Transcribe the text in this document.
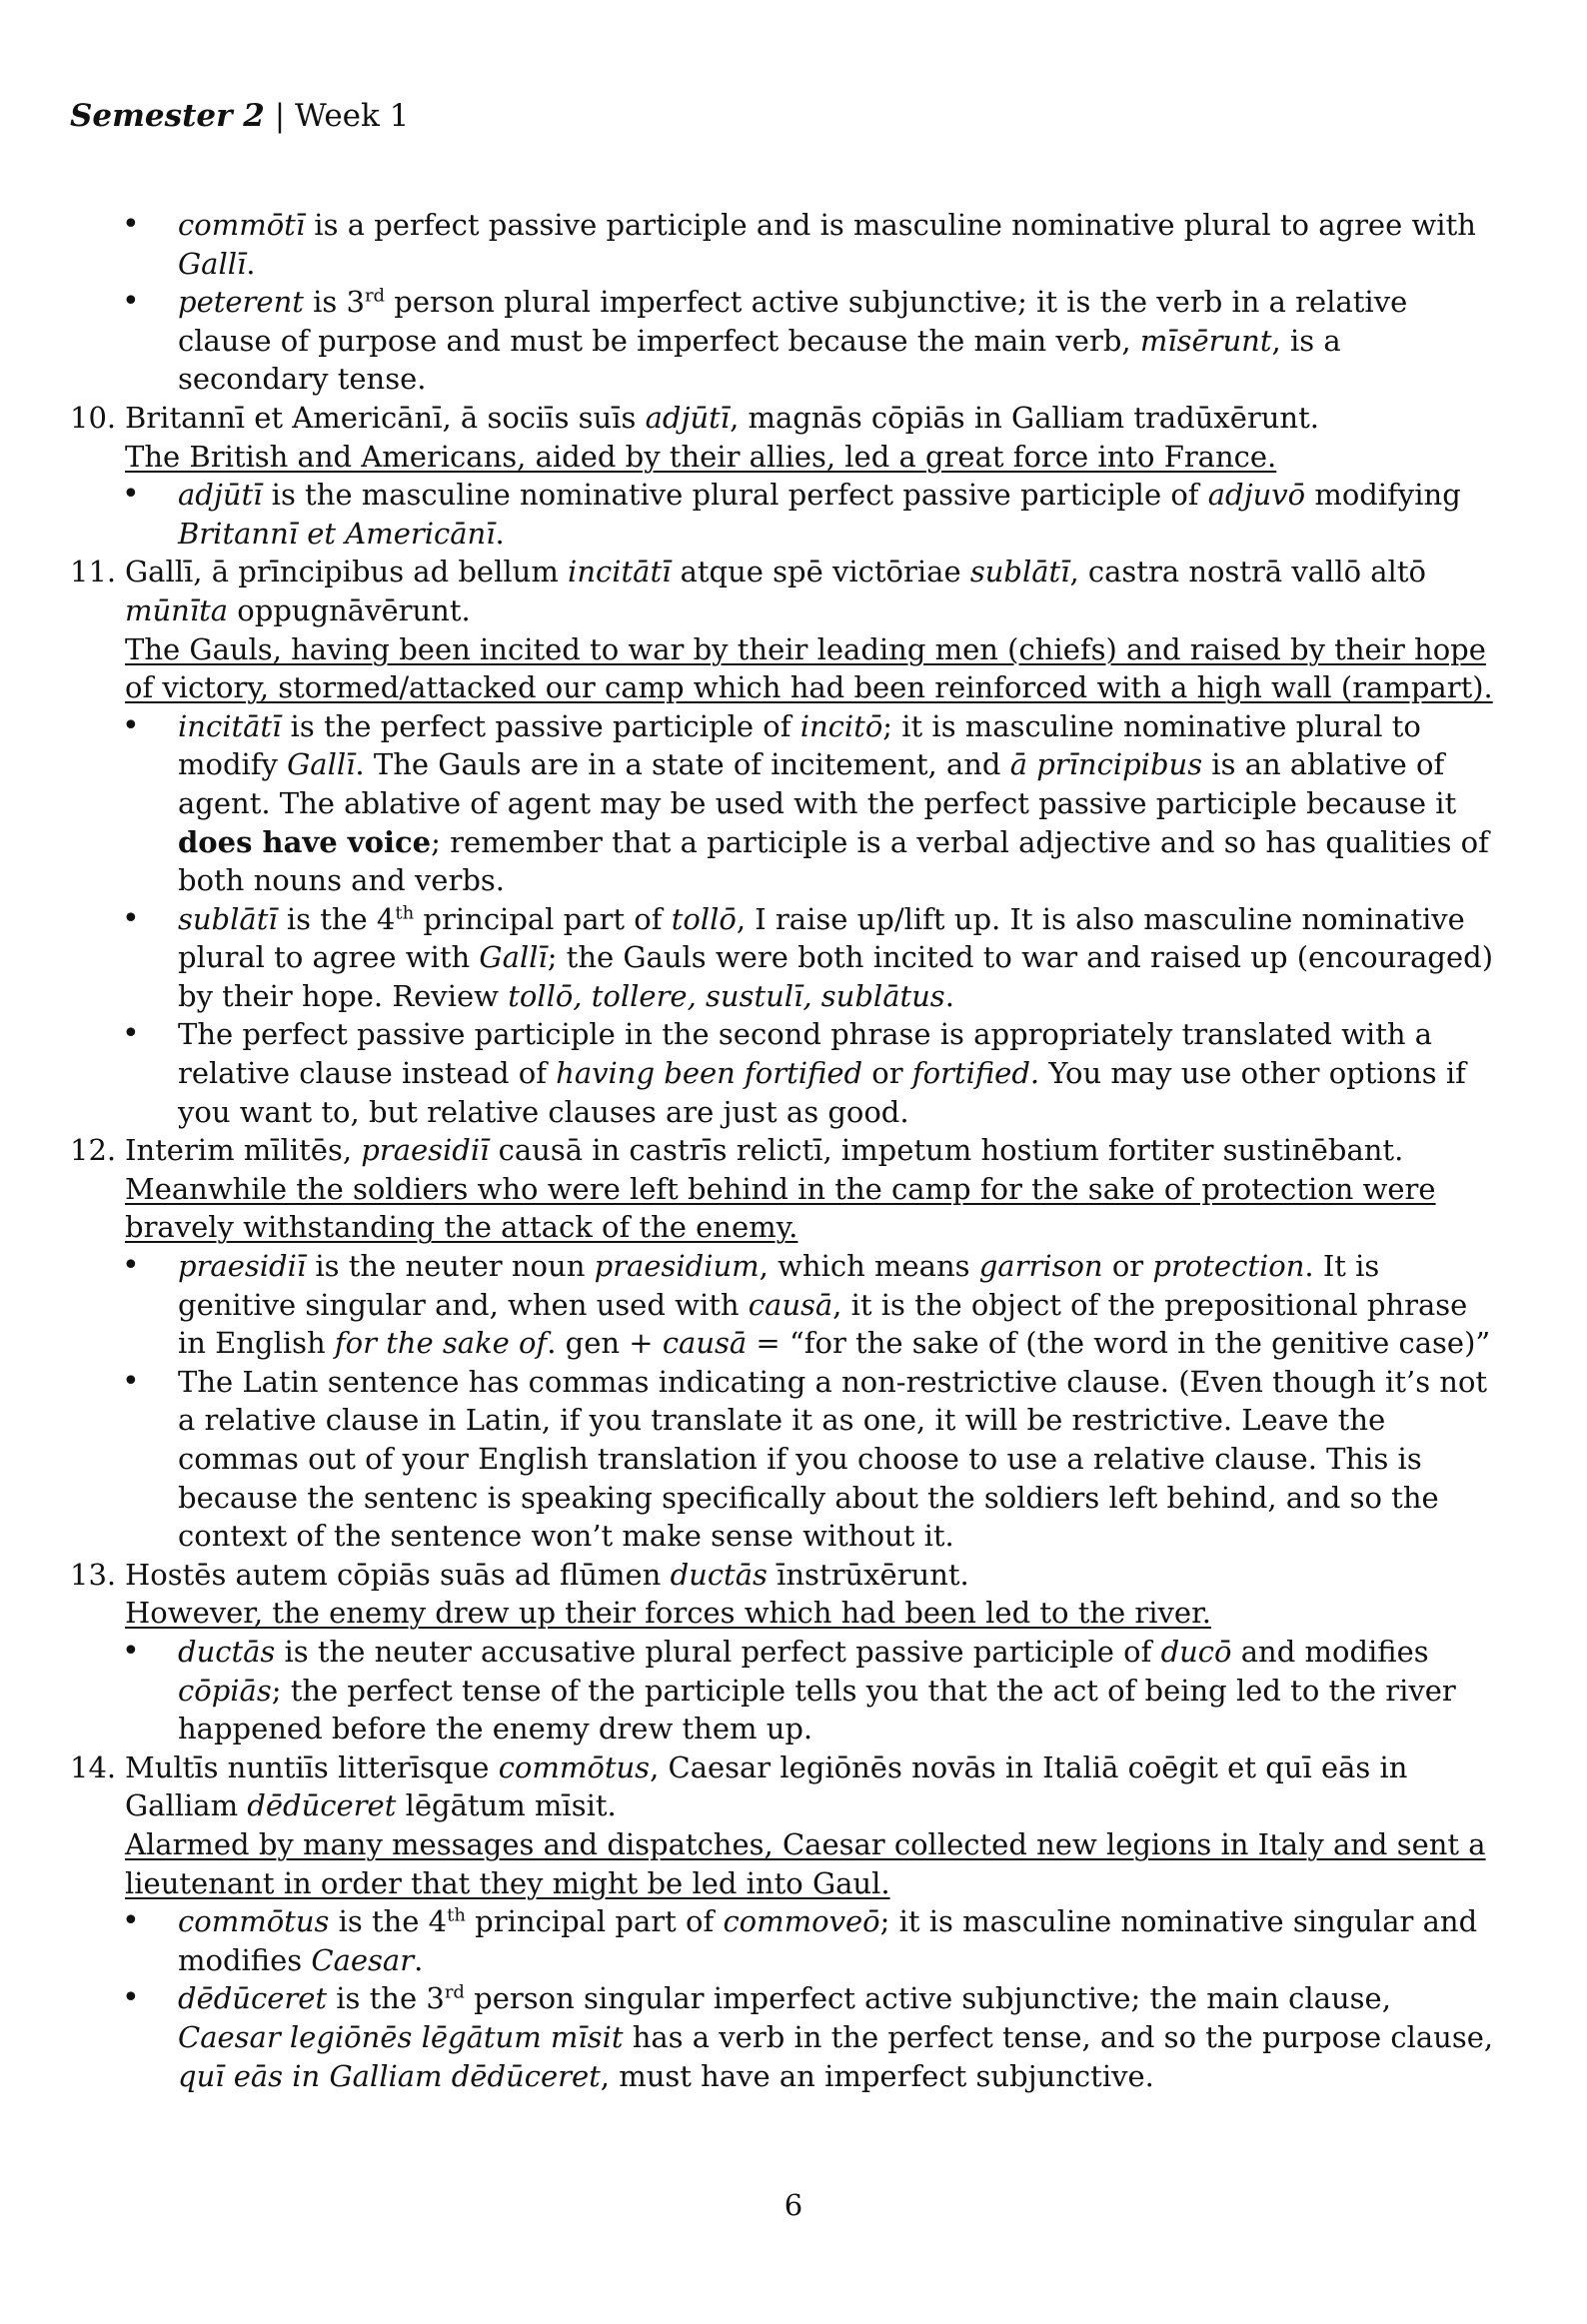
Semester 2 | Week 1
• commōtī is a perfect passive participle and is masculine nominative plural to agree with Gallī.
• peterent is 3rd person plural imperfect active subjunctive; it is the verb in a relative clause of purpose and must be imperfect because the main verb, mīsērunt, is a secondary tense.
10. Britannī et Americānī, ā sociīs suīs adjūtī, magnās cōpiās in Galliam tradūxērunt.
The British and Americans, aided by their allies, led a great force into France.
• adjūtī is the masculine nominative plural perfect passive participle of adjuvō modifying Britannī et Americānī.
11. Gallī, ā prīncipibus ad bellum incitātī atque spē victōriae sublātī, castra nostrā vallō altō mūnīta oppugnāvērunt.
The Gauls, having been incited to war by their leading men (chiefs) and raised by their hope of victory, stormed/attacked our camp which had been reinforced with a high wall (rampart).
• incitātī is the perfect passive participle of incitō; it is masculine nominative plural to modify Gallī. The Gauls are in a state of incitement, and ā prīncipibus is an ablative of agent. The ablative of agent may be used with the perfect passive participle because it does have voice; remember that a participle is a verbal adjective and so has qualities of both nouns and verbs.
• sublātī is the 4th principal part of tollō, I raise up/lift up. It is also masculine nominative plural to agree with Gallī; the Gauls were both incited to war and raised up (encouraged) by their hope. Review tollō, tollere, sustulī, sublātus.
• The perfect passive participle in the second phrase is appropriately translated with a relative clause instead of having been fortified or fortified. You may use other options if you want to, but relative clauses are just as good.
12. Interim mīlitēs, praesidiī causā in castrīs relictī, impetum hostium fortiter sustinēbant.
Meanwhile the soldiers who were left behind in the camp for the sake of protection were bravely withstanding the attack of the enemy.
• praesidiī is the neuter noun praesidium, which means garrison or protection. It is genitive singular and, when used with causā, it is the object of the prepositional phrase in English for the sake of. gen + causā = “for the sake of (the word in the genitive case)”
• The Latin sentence has commas indicating a non-restrictive clause. (Even though it’s not a relative clause in Latin, if you translate it as one, it will be restrictive. Leave the commas out of your English translation if you choose to use a relative clause. This is because the sentenc is speaking specifically about the soldiers left behind, and so the context of the sentence won’t make sense without it.
13. Hostēs autem cōpiās suās ad flūmen ductās īnstrūxērunt.
However, the enemy drew up their forces which had been led to the river.
• ductās is the neuter accusative plural perfect passive participle of ducō and modifies cōpiās; the perfect tense of the participle tells you that the act of being led to the river happened before the enemy drew them up.
14. Multīs nuntiīs litterīsque commōtus, Caesar legiōnēs novās in Italiā coēgit et quī eās in Galliam dēdūceret lēgātum mīsit.
Alarmed by many messages and dispatches, Caesar collected new legions in Italy and sent a lieutenant in order that they might be led into Gaul.
• commōtus is the 4th principal part of commoveō; it is masculine nominative singular and modifies Caesar.
• dēdūceret is the 3rd person singular imperfect active subjunctive; the main clause, Caesar legiōnēs lēgātum mīsit has a verb in the perfect tense, and so the purpose clause, quī eās in Galliam dēdūceret, must have an imperfect subjunctive.
6
